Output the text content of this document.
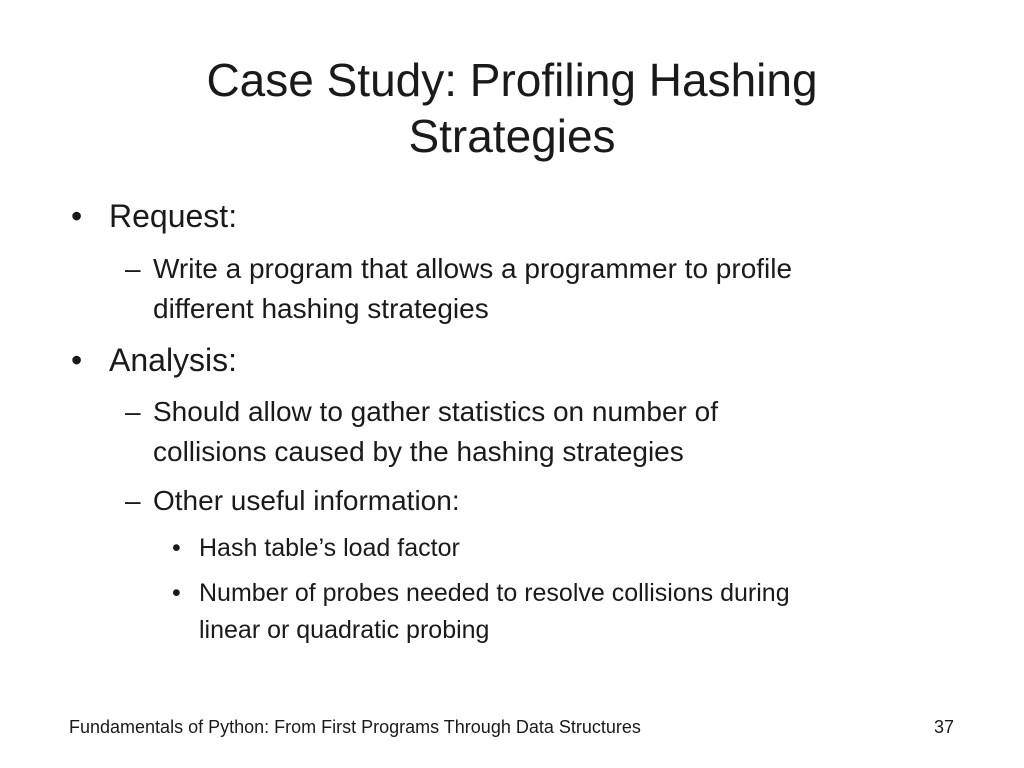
Case Study: Profiling Hashing
Strategies
• Request:
– Write a program that allows a programmer to profile
different hashing strategies
• Analysis:
– Should allow to gather statistics on number of
collisions caused by the hashing strategies
– Other useful information:
• Hash table’s load factor
• Number of probes needed to resolve collisions during
linear or quadratic probing
Fundamentals of Python: From First Programs Through Data Structures	37
